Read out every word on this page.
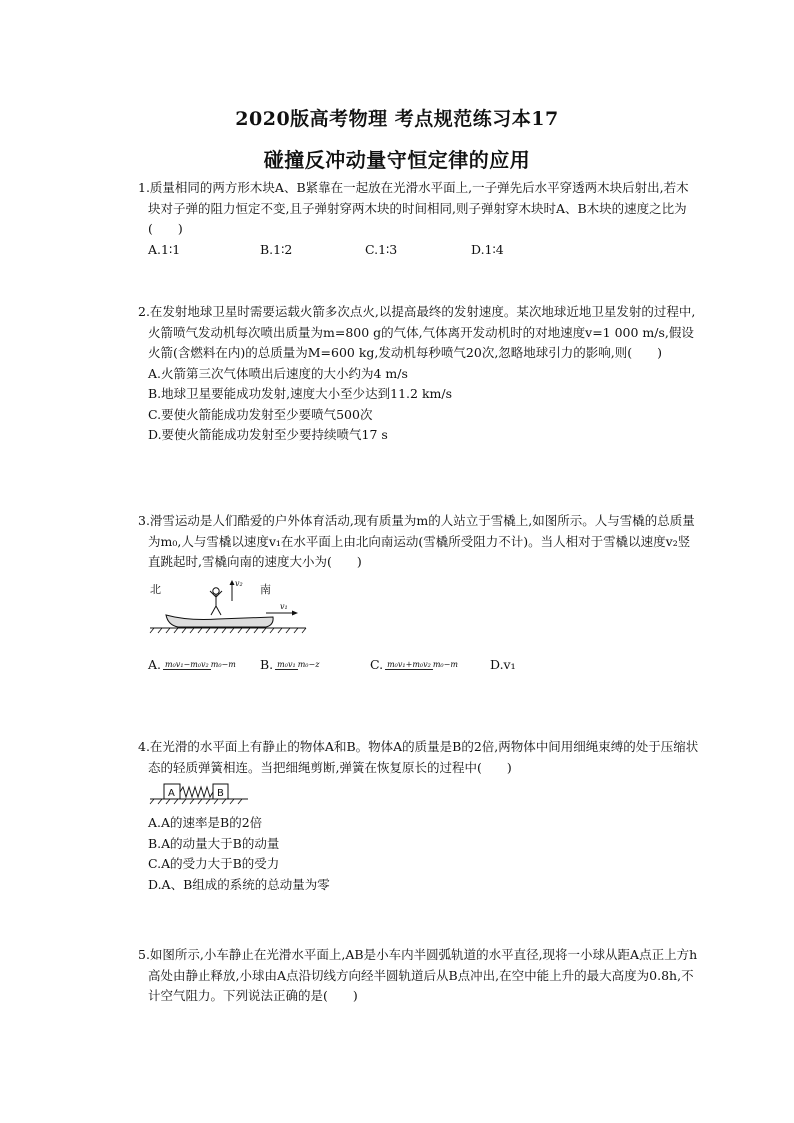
2020版高考物理 考点规范练习本17
碰撞反冲动量守恒定律的应用

1.质量相同的两方形木块A、B紧靠在一起放在光滑水平面上,一子弹先后水平穿透两木块后射出,若木块对子弹的阻力恒定不变,且子弹射穿两木块的时间相同,则子弹射穿木块时A、B木块的速度之比为(　　)

A.1∶1	B.1∶2	C.1∶3	D.1∶4

2.在发射地球卫星时需要运载火箭多次点火,以提高最终的发射速度。某次地球近地卫星发射的过程中,火箭喷气发动机每次喷出质量为m=800 g的气体,气体离开发动机时的对地速度v=1 000 m/s,假设火箭(含燃料在内)的总质量为M=600 kg,发动机每秒喷气20次,忽略地球引力的影响,则(　　)

A.火箭第三次气体喷出后速度的大小约为4 m/s

B.地球卫星要能成功发射,速度大小至少达到11.2 km/s

C.要使火箭能成功发射至少要喷气500次

D.要使火箭能成功发射至少要持续喷气17 s

3.滑雪运动是人们酷爱的户外体育活动,现有质量为m的人站立于雪橇上,如图所示。人与雪橇的总质量为m₀,人与雪橇以速度v₁在水平面上由北向南运动(雪橇所受阻力不计)。当人相对于雪橇以速度v₂竖直跳起时,雪橇向南的速度大小为(　　)

北	南
v₂
v₁
A. m₀v₁−m₀v₂ m₀−m	B. m₀v₁ m₀−z	C. m₀v₁+m₀v₂ m₀−m	D.v₁

4.在光滑的水平面上有静止的物体A和B。物体A的质量是B的2倍,两物体中间用细绳束缚的处于压缩状态的轻质弹簧相连。当把细绳剪断,弹簧在恢复原长的过程中(　　)

A	B

A.A的速率是B的2倍

B.A的动量大于B的动量

C.A的受力大于B的受力

D.A、B组成的系统的总动量为零

5.如图所示,小车静止在光滑水平面上,AB是小车内半圆弧轨道的水平直径,现将一小球从距A点正上方h高处由静止释放,小球由A点沿切线方向经半圆轨道后从B点冲出,在空中能上升的最大高度为0.8h,不计空气阻力。下列说法正确的是(　　)
